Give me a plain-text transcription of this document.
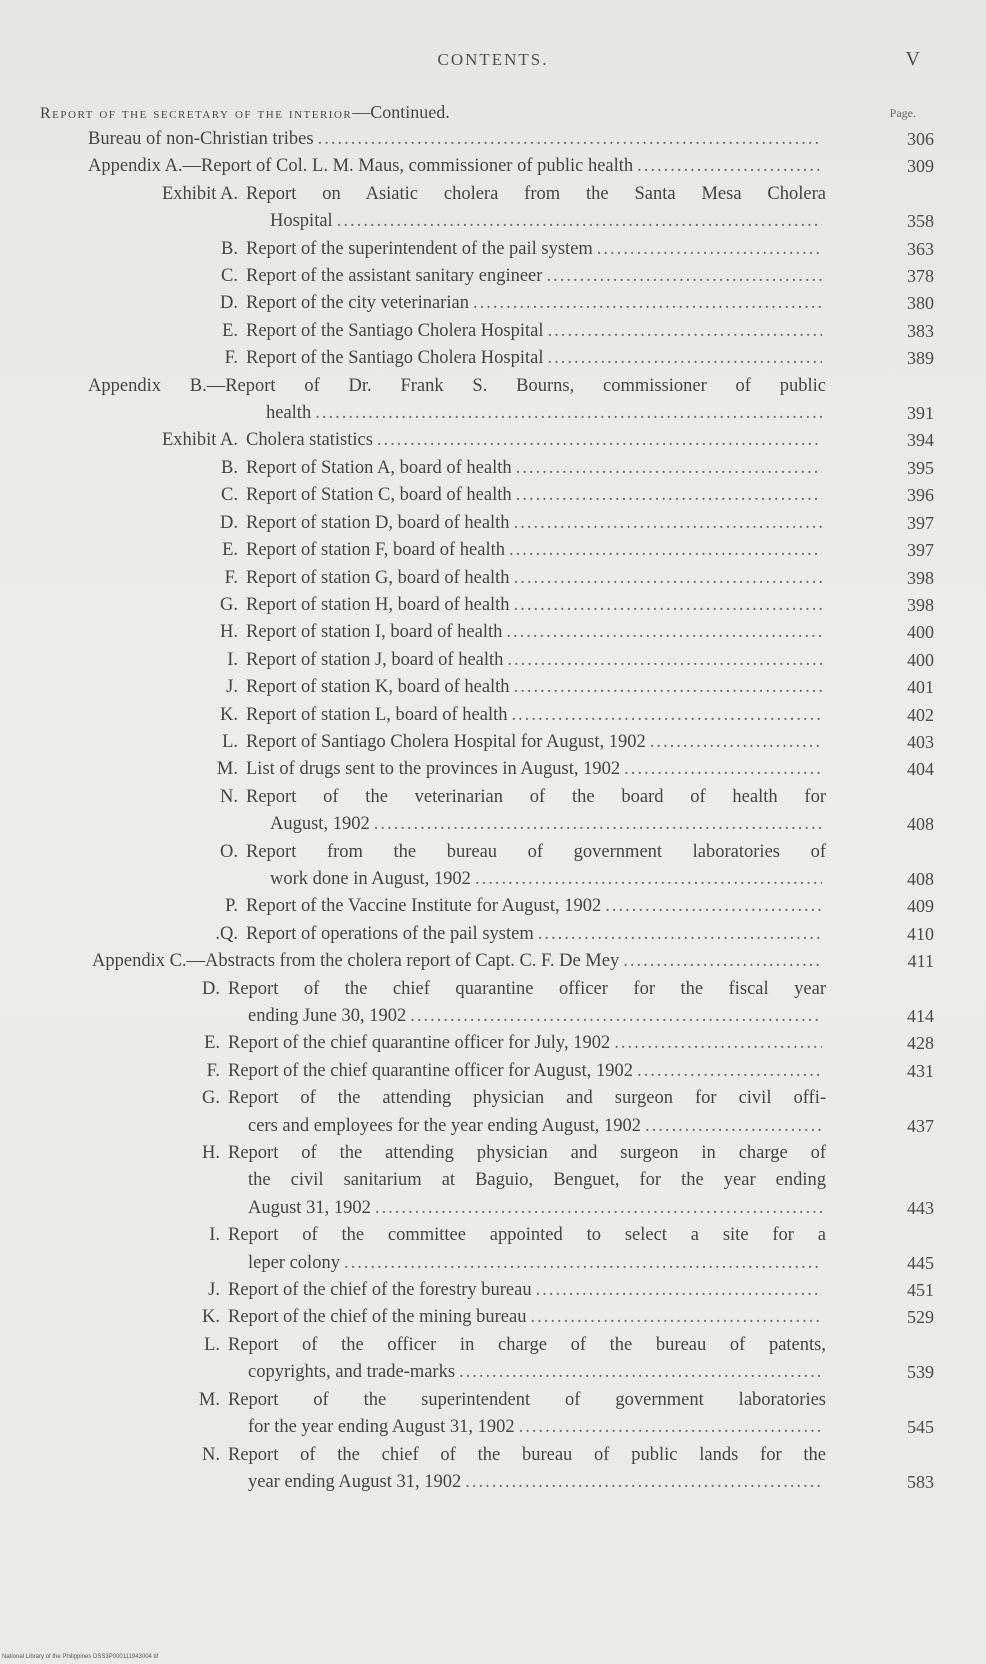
CONTENTS.	V
Report of the secretary of the interior—Continued.	Page.
Bureau of non-Christian tribes .....	306
Appendix A.—Report of Col. L. M. Maus, commissioner of public health .....	309
Exhibit A. Report on Asiatic cholera from the Santa Mesa Cholera
Hospital .....	358
B. Report of the superintendent of the pail system .....	363
C. Report of the assistant sanitary engineer .....	378
D. Report of the city veterinarian .....	380
E. Report of the Santiago Cholera Hospital .....	383
F. Report of the Santiago Cholera Hospital .....	389
Appendix B.—Report of Dr. Frank S. Bourns, commissioner of public
health .....	391
Exhibit A. Cholera statistics .....	394
B. Report of Station A, board of health .....	395
C. Report of Station C, board of health .....	396
D. Report of station D, board of health .....	397
E. Report of station F, board of health .....	397
F. Report of station G, board of health .....	398
G. Report of station H, board of health .....	398
H. Report of station I, board of health .....	400
I. Report of station J, board of health .....	400
J. Report of station K, board of health .....	401
K. Report of station L, board of health .....	402
L. Report of Santiago Cholera Hospital for August, 1902 .....	403
M. List of drugs sent to the provinces in August, 1902 .....	404
N. Report of the veterinarian of the board of health for
August, 1902 .....	408
O. Report from the bureau of government laboratories of
work done in August, 1902 .....	408
P. Report of the Vaccine Institute for August, 1902 .....	409
.Q. Report of operations of the pail system .....	410
Appendix C.—Abstracts from the cholera report of Capt. C. F. De Mey .....	411
D. Report of the chief quarantine officer for the fiscal year
ending June 30, 1902 .....	414
E. Report of the chief quarantine officer for July, 1902 .....	428
F. Report of the chief quarantine officer for August, 1902 .....	431
G. Report of the attending physician and surgeon for civil offi-
cers and employees for the year ending August, 1902 .....	437
H. Report of the attending physician and surgeon in charge of
the civil sanitarium at Baguio, Benguet, for the year ending
August 31, 1902 .....	443
I. Report of the committee appointed to select a site for a
leper colony .....	445
J. Report of the chief of the forestry bureau .....	451
K. Report of the chief of the mining bureau .....	529
L. Report of the officer in charge of the bureau of patents,
copyrights, and trade-marks .....	539
M. Report of the superintendent of government laboratories
for the year ending August 31, 1902 .....	545
N. Report of the chief of the bureau of public lands for the
year ending August 31, 1902 .....	583
National Library of the Philippines DSS3P000111943004 tif
